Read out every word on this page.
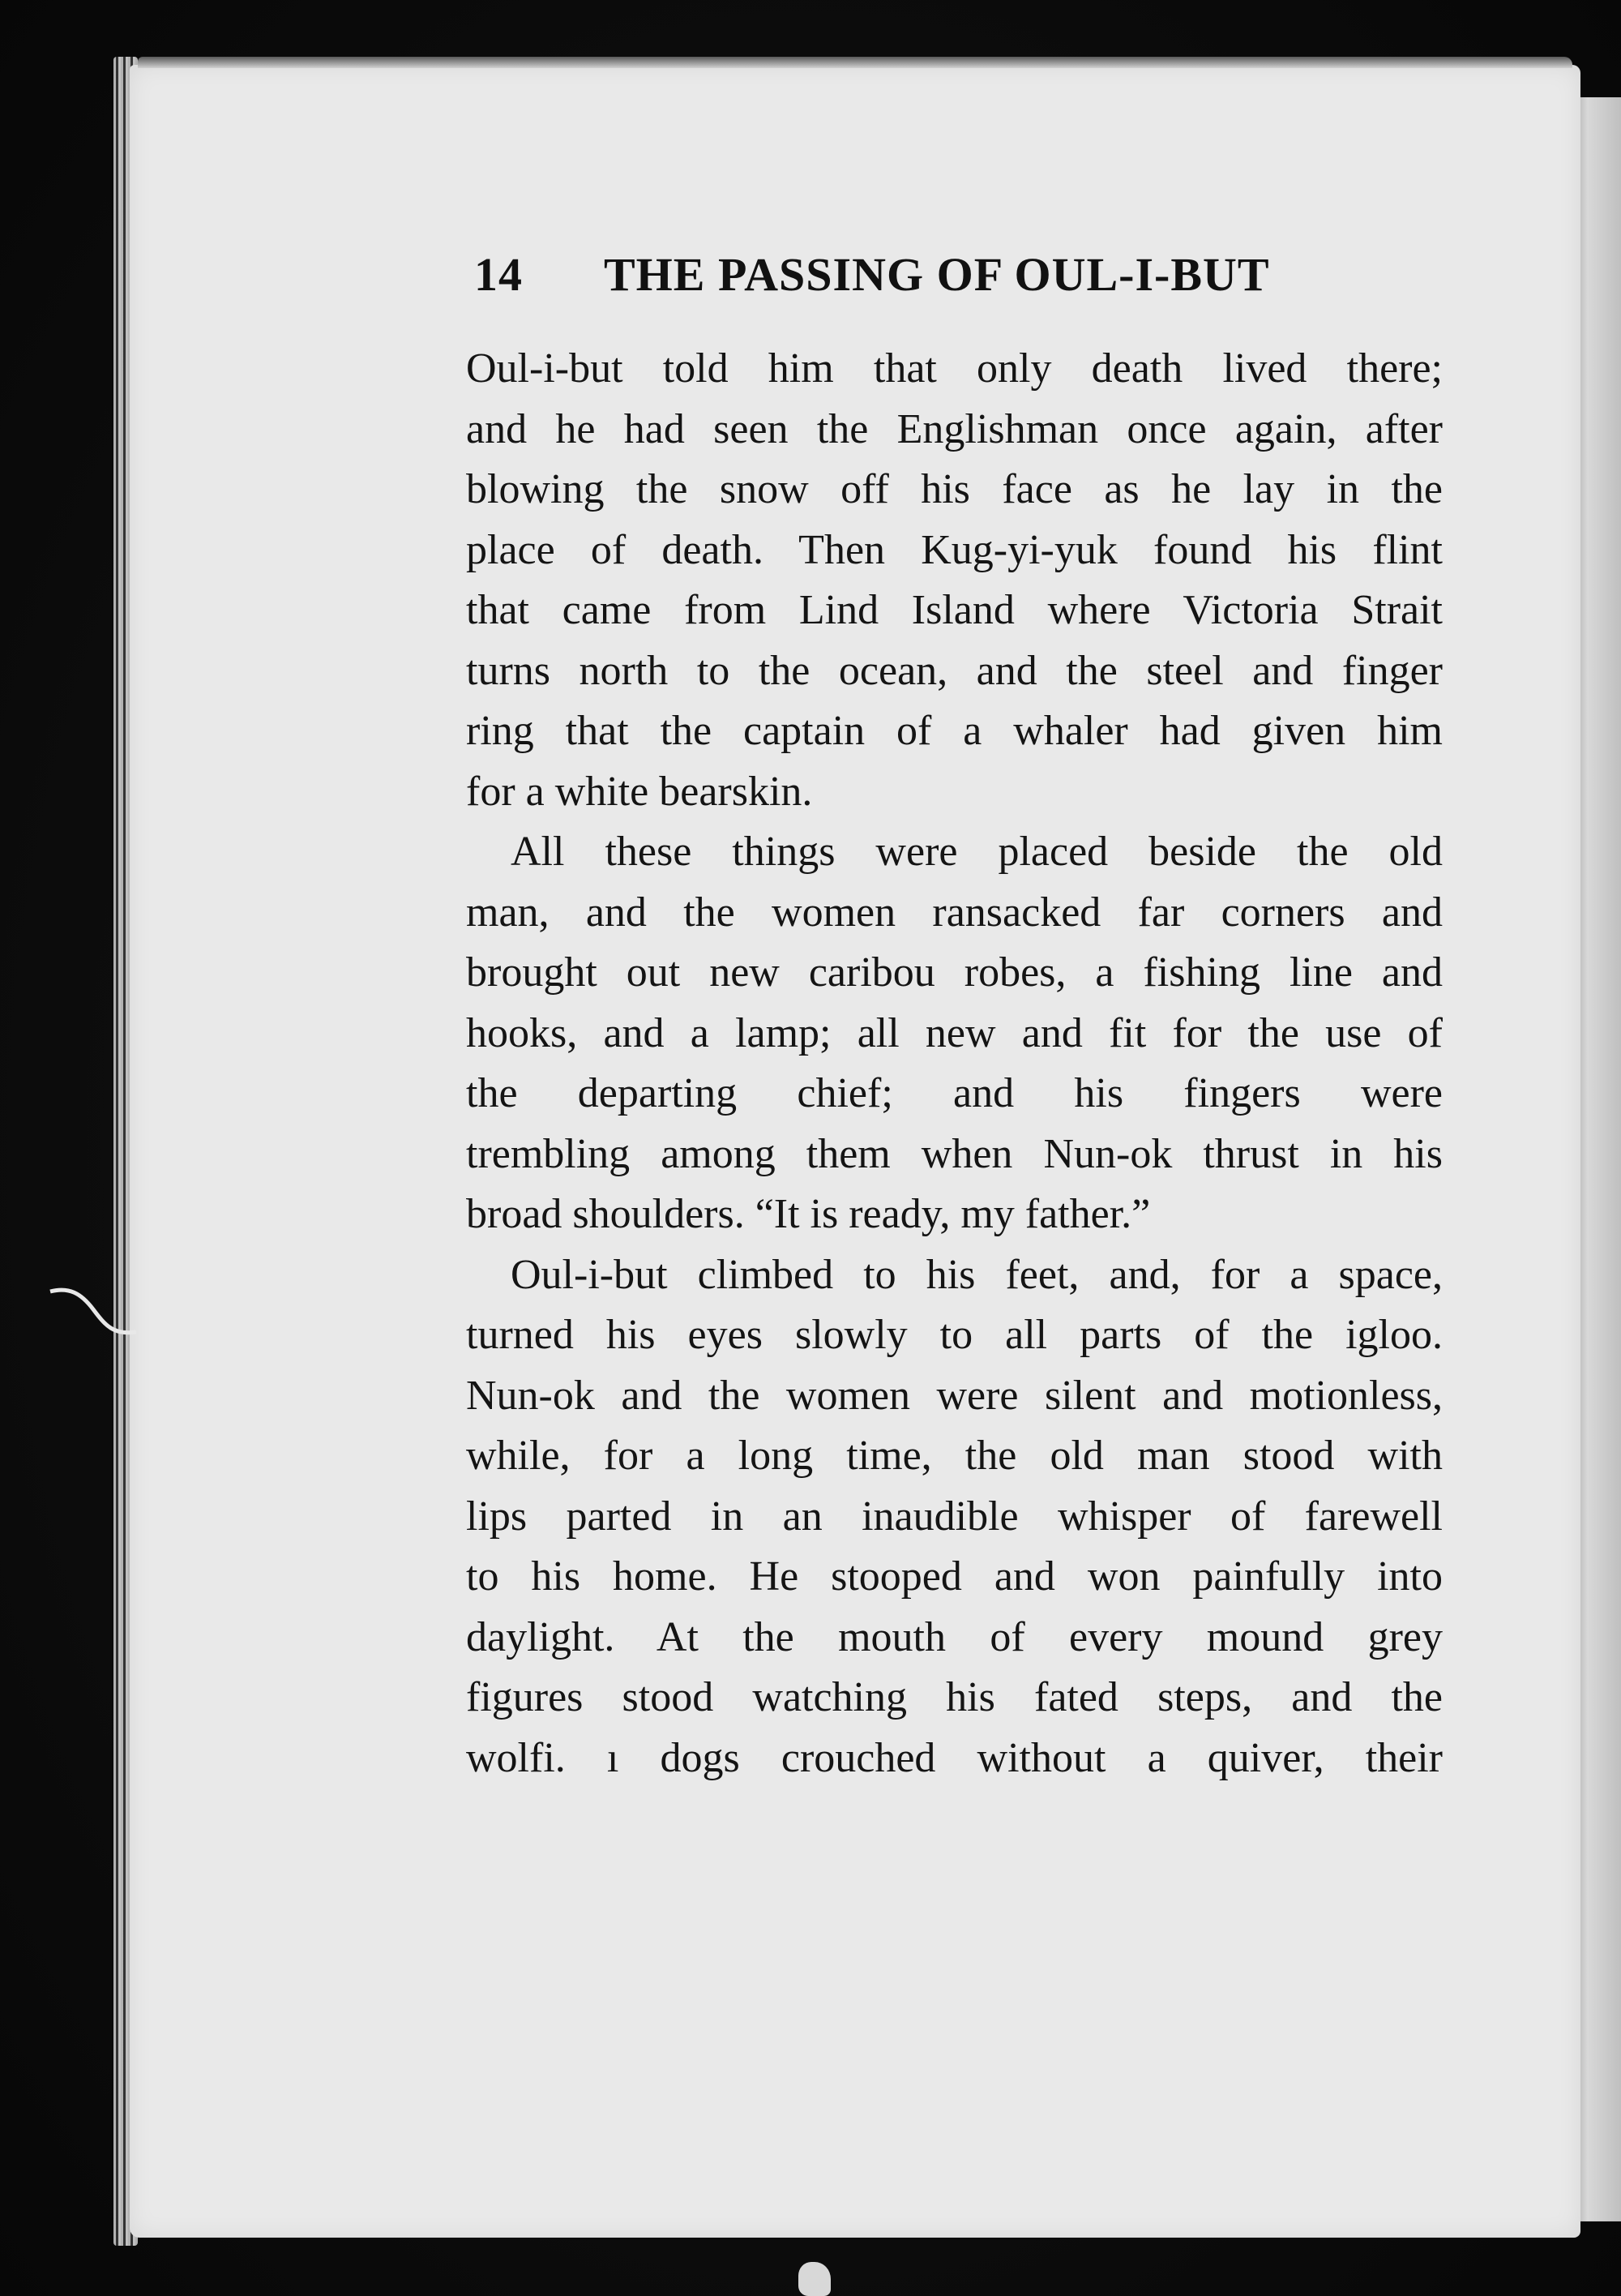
14	THE PASSING OF OUL-I-BUT
Oul-i-but told him that only death lived there;
and he had seen the Englishman once again, after
blowing the snow off his face as he lay in the
place of death. Then Kug-yi-yuk found his flint
that came from Lind Island where Victoria Strait
turns north to the ocean, and the steel and finger
ring that the captain of a whaler had given him
for a white bearskin.
All these things were placed beside the old
man, and the women ransacked far corners and
brought out new caribou robes, a fishing line and
hooks, and a lamp; all new and fit for the use of
the departing chief; and his fingers were
trembling among them when Nun-ok thrust in his
broad shoulders. “It is ready, my father.”
Oul-i-but climbed to his feet, and, for a space,
turned his eyes slowly to all parts of the igloo.
Nun-ok and the women were silent and motionless,
while, for a long time, the old man stood with
lips parted in an inaudible whisper of farewell
to his home. He stooped and won painfully into
daylight. At the mouth of every mound grey
figures stood watching his fated steps, and the
wolfi. ı dogs crouched without a quiver, their
